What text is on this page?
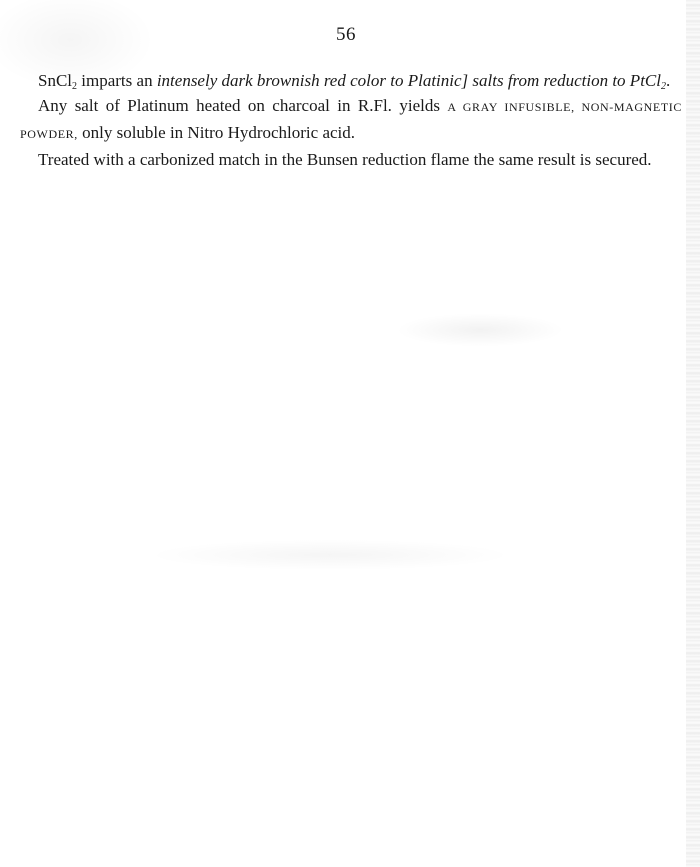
56

SnCl$_2$ imparts an intensely dark brownish red color to Platinic] salts from reduction to PtCl$_2$.

Any salt of Platinum heated on charcoal in R.Fl. yields A GRAY INFUSIBLE, NON-MAGNETIC POWDER, only soluble in Nitro Hydrochloric acid.

Treated with a carbonized match in the Bunsen reduction flame the same result is secured.
